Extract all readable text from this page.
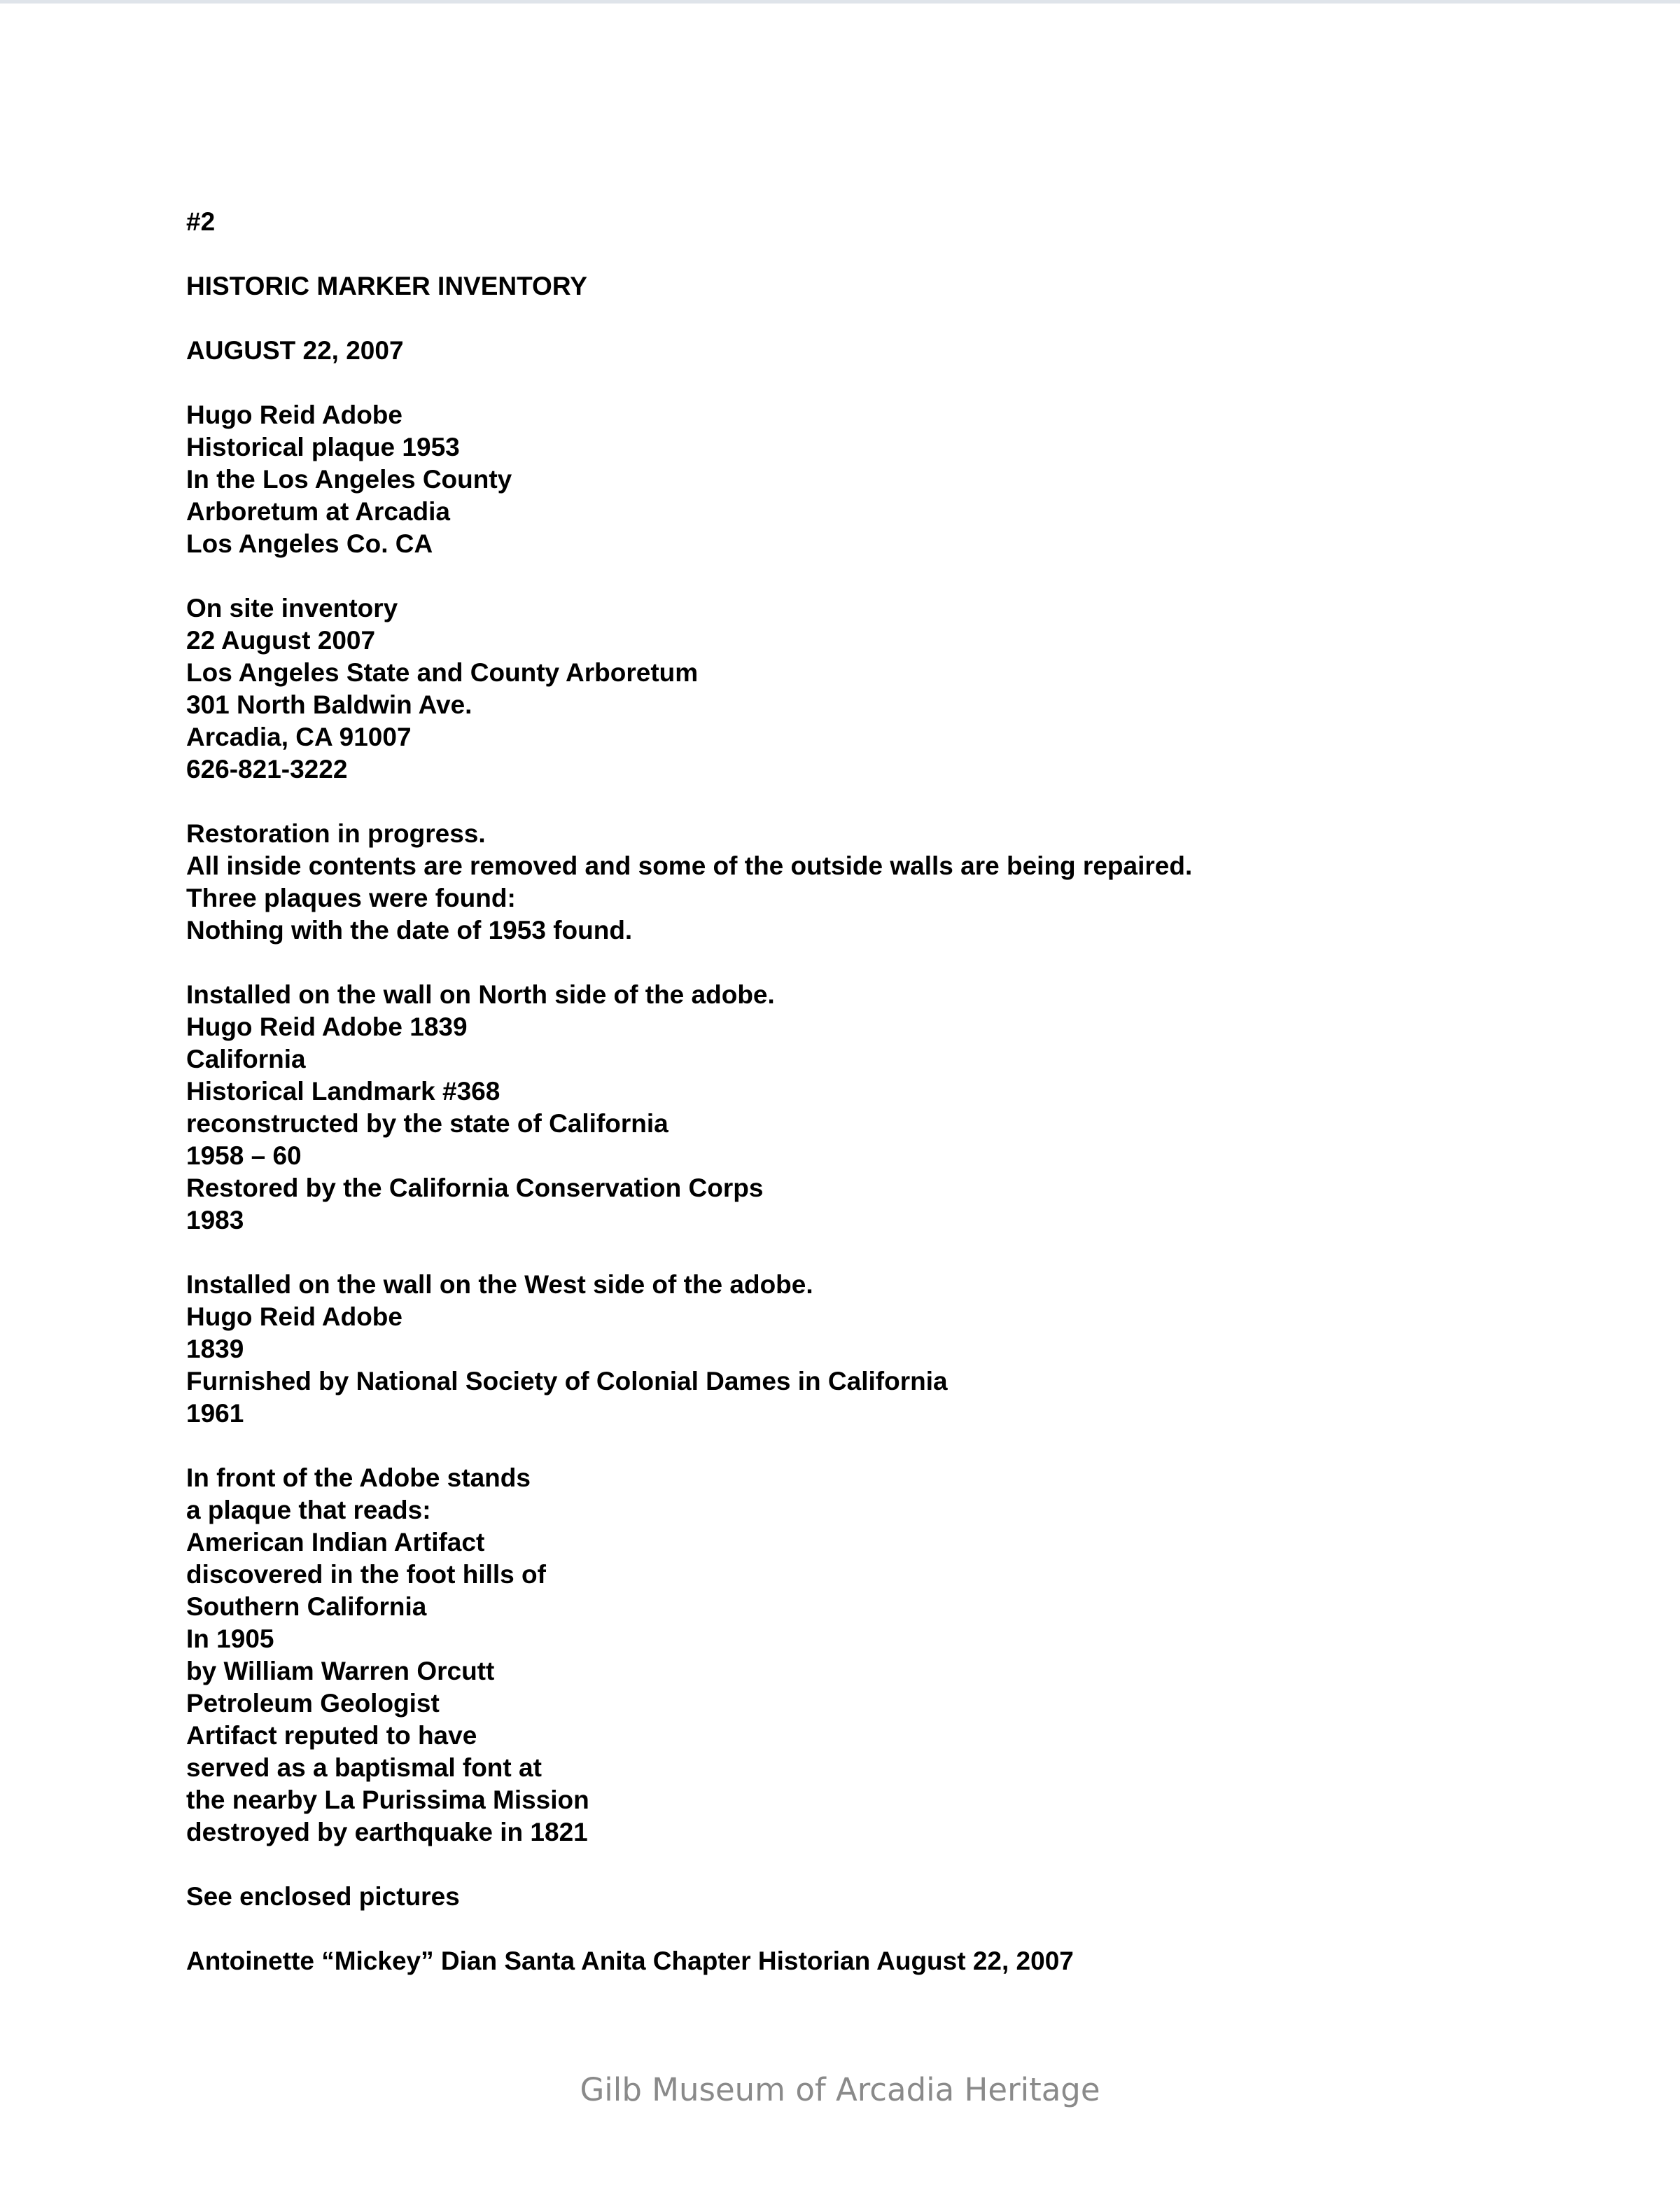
#2
HISTORIC MARKER INVENTORY
AUGUST 22, 2007
Hugo Reid Adobe
Historical plaque 1953
In the Los Angeles County
Arboretum at Arcadia
Los Angeles Co. CA
On site inventory
22 August 2007
Los Angeles State and County Arboretum
301 North Baldwin Ave.
Arcadia, CA 91007
626-821-3222
Restoration in progress.
All inside contents are removed and some of the outside walls are being repaired.
Three plaques were found:
Nothing with the date of 1953 found.
Installed on the wall on North side of the adobe.
Hugo Reid Adobe 1839
California
Historical Landmark #368
reconstructed by the state of California
1958 – 60
Restored by the California Conservation Corps
1983
Installed on the wall on the West side of the adobe.
Hugo Reid Adobe
1839
Furnished by National Society of Colonial Dames in California
1961
In front of the Adobe stands
a plaque that reads:
American Indian Artifact
discovered in the foot hills of
Southern California
In 1905
by William Warren Orcutt
Petroleum Geologist
Artifact reputed to have
served as a baptismal font at
the nearby La Purissima Mission
destroyed by earthquake in 1821
See enclosed pictures
Antoinette “Mickey” Dian Santa Anita Chapter Historian August 22, 2007
Gilb Museum of Arcadia Heritage
